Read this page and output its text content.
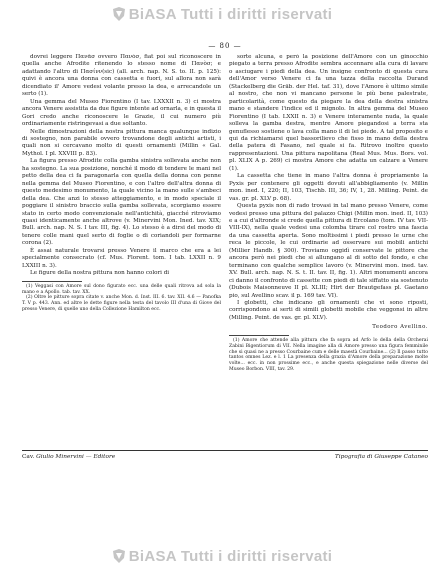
BiASA Tutti i diritti riservati
— 80 —

dovrei leggere Πανᾶσ ovvero Πανὸσ, fiat poi sul riconoscere in quella anche Afrodite ritenendo lo stesso nome di Πανὸσ; e adattando l'altro di Πασίνν(sic) (all. arch. nap. N. S. to. II. p. 125): quivi è ancora una donna con cassetta e fuori, sul allora non sarà dicendiato il' Amore vedesi volante presso la dea, e arrecandole un serto (1).

Una gemma del Museo Fiorentino (I tav. LXXXII n. 3) ci mostra ancora Venere assistita da due figure intente ad ornarla, e in questa il Gori credo anche riconoscere le Grazie, il cui numero più ordinariamente ristringevasi a due soltanto.

Nelle dimostrazioni della nostra pittura manca qualunque indizio di sostegno, non parabile ovvero trovandone degli antichi artisti, i quali non si cercavano molto di questi ornamenti (Millin « Gal. Mythol. I pl. XXVIII p. 83).

La figura presso Afrodite colla gamba sinistra sollevata anche non ha sostegno. La sua posizione, nonché il modo di tendere le mani nel petto della dea ci fa paragonarla con quella della donna con penne nella gemma del Museo Fiorentino, e con l'altro dell'altra donna di questo medesimo monumento, la quale vicino la mano sulle s'ambeci della dea. Che anzi lo stesso atteggiamento, e in modo speciale il poggiare il sinistro braccio sulla gamba sollevata, scorgiamo essere stato in certo modo convenzionale nell'antichità, giacché ritroviamo quasi identicamente anche altrove (v. Minervini Mon. Ined. tav. XIX; Bull. arch. nap. N. S. I tav. III, fig. 4). Lo stesso è a dirsi del modo di tenere colle mani quel serto di foglie o di coriandoli per formarne corona (2).

È assai naturale trovarsi presso Venere il marco che era a lei specialmente consecrato (cf. Mus. Florent. tom. I tab. LXXII n. 9 LXXIII n. 3).

Le figure della nostra pittura non hanno colori di

(1) Veggasi con Amore sul dono figurato ecc. una delle quali ritrova ad sola la mano e a Apollo. tab. tav. XX.

(2) Oltre le pitture sopra citate v. anche Mon. d. Inst. III. 6. tav. XII. 4.6 — Panofka T. V p. 443. Ann. ed altre le dette figure nella testa del tavolo III d'una di Giove del presso Venere, di quelle uno della Collezione Hamilton ecc.

sorte alcuna, e però la posizione dell'Amore con un ginocchio piegato a terra presso Afrodite sembra accennare alla cura di lavare o asciugare i piedi della dea. Un insigne confronto di questa cura dell'Amor verso Venere ci fa una tazza della raccolta Durand (Stackelberg die Gräb. der Hel. taf. 31), dove l'Amore è ultimo simile al nostro, che non vi mancano persone le più bene palestrate, particolarità, come questo da piegare la dea della destra sinistra mano e standere l'indice ed il mignolo. In altra gemma del Museo Fiorentino (I tab. LXXII n. 3) e Venere interamente nuda, la quale solleva la gamba destra, mentre Amore piegandosi a terra sta genuflesso sostiene o lava colla mano il di lei piede. A tal proposito e qui da richiamarsi quel bassorilievo che fisso in mano della destra della patera di Fasano, nel quale si fa. Ritrovo inoltre questo rappresentazioni. Una pittura napolitana (Real Mus. Mus. Bors. vol. pl. XLIX A p. 269) ci mostra Amore che adatta un calzare a Venere (1).

La cassetta che tiene in mano l'altra donna è propriamente la Pyxis per contenere gli oggetti dovuti all'abbigliamento (v. Millin mon. ined. I, 220; II, 103, Tischb. III, 36; IV, 1, 28. Milling. Peint. de vas. gr. pl. XLV p. 68).

Questa pyxis non di rado trovasi in tal mano presso Venere, come vedesi presso una pittura del palazzo Chigi (Millin mon. ined. II, 103) e a cui d'altronde si crede quella pittura di Ercolano (tom. IV tav. VII-VIII-IX), nella quale vedesi una colomba tirare col rostro una fascia da una cassetta aperta. Sono moltissimi i piedi presso le urne che reca le piccole, le cui ordinarie ad osservare sui mobili antichi (Millier Handb. § 300). Troviamo oggidì conservate le pittore che ancora però nei piedi che si allungano al di sotto del fondo, e che terminano con qualche semplice lavoro (v. Minervini mon. ined. tav. XV. Bull. arch. nap. N. S. t. II. tav. II, fig. 1). Altri monumenti ancora ci danno il confronto di cassette con piedi di tale siffatto sia sostenuto (Dubois Maisonneuve II pl. XLIII; Hirt der Brautgefass pl. Gaetano pio, sul Avellino scav. il p. 169 tav. VI).

I globetti, che indicano gli ornamenti che vi sono riposti, corrispondono ai serti di simili globetti mobile che veggonsi in altre (Milling. Peint. de vas. gr. pl. XLV).

Teodoro Avellino.

(1) Amore che attende alla pittura che fa sopra ad Arfo lo della della Orcherai Zabini Bigentiorum di VII. Nella imagine alla di Amore presso una figura femminile che si quasi ne a presso Courbaine cum e delle maestà Courbaine... (2) Il passo tutto tantos omnes Lez. e l. 1 La presenza della grazia d'Amore della preparazione molte volte... ecc. in non prossime ecc., e anche questa spiegazione nelle diverse del Museo Borbon. VIII, tav. 29.

Cav. Giulio Minervini — Editore	Tipografia di Giuseppe Cataneo
BiASA Tutti i diritti riservati
